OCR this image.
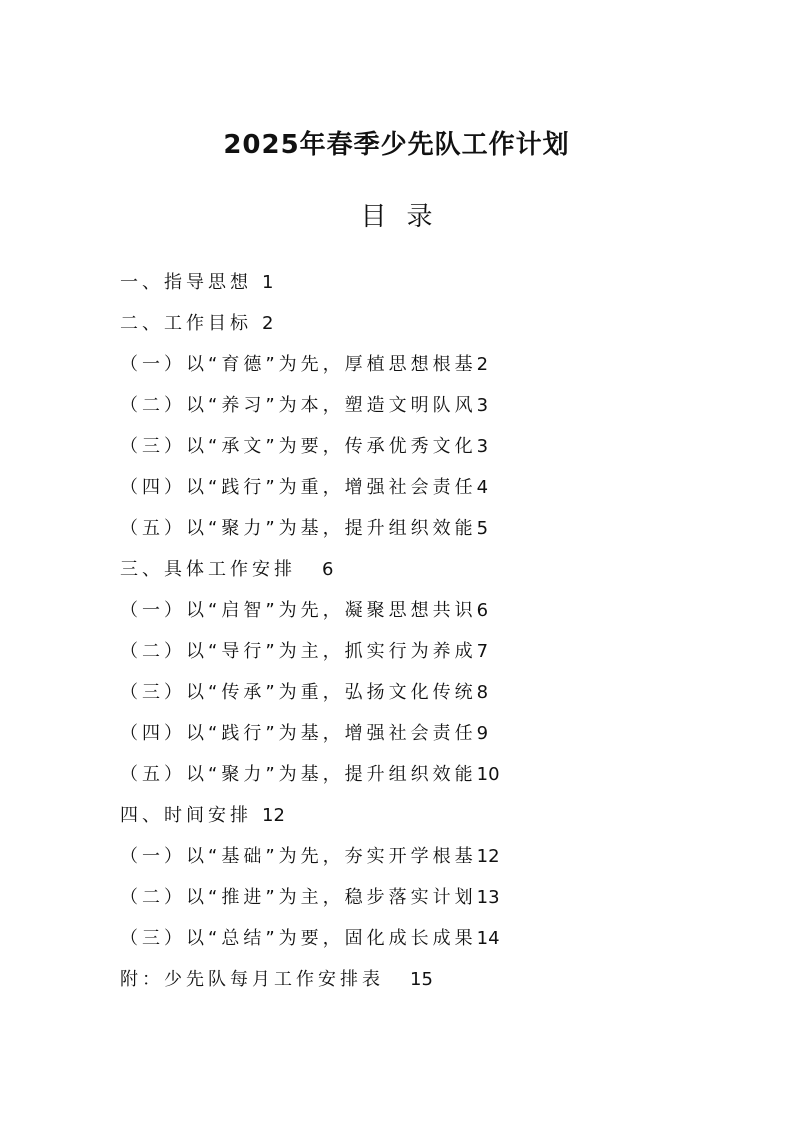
2025年春季少先队工作计划
目录
一、指导思想 1
二、工作目标 2
（一）以“育德”为先，厚植思想根基2
（二）以“养习”为本，塑造文明队风3
（三）以“承文”为要，传承优秀文化3
（四）以“践行”为重，增强社会责任4
（五）以“聚力”为基，提升组织效能5
三、具体工作安排 6
（一）以“启智”为先，凝聚思想共识6
（二）以“导行”为主，抓实行为养成7
（三）以“传承”为重，弘扬文化传统8
（四）以“践行”为基，增强社会责任9
（五）以“聚力”为基，提升组织效能10
四、时间安排 12
（一）以“基础”为先，夯实开学根基12
（二）以“推进”为主，稳步落实计划13
（三）以“总结”为要，固化成长成果14
附：少先队每月工作安排表 15
